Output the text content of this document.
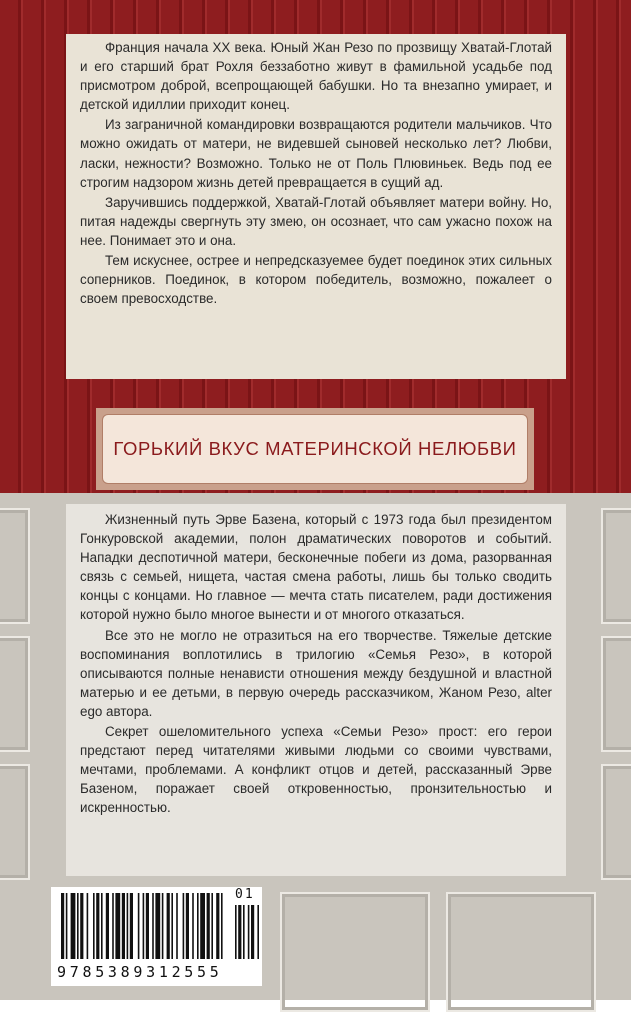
Франция начала XX века. Юный Жан Резо по прозвищу Хватай-Глотай и его старший брат Рохля беззаботно живут в фамильной усадьбе под присмотром доброй, всепрощающей бабушки. Но та внезапно умирает, и детской идиллии приходит конец.

Из заграничной командировки возвращаются родители мальчиков. Что можно ожидать от матери, не видевшей сыновей несколько лет? Любви, ласки, нежности? Возможно. Только не от Поль Плювиньек. Ведь под ее строгим надзором жизнь детей превращается в сущий ад.

Заручившись поддержкой, Хватай-Глотай объявляет матери войну. Но, питая надежды свергнуть эту змею, он осознает, что сам ужасно похож на нее. Понимает это и она.

Тем искуснее, острее и непредсказуемее будет поединок этих сильных соперников. Поединок, в котором победитель, возможно, пожалеет о своем превосходстве.

ГОРЬКИЙ ВКУС МАТЕРИНСКОЙ НЕЛЮБВИ

Жизненный путь Эрве Базена, который с 1973 года был президентом Гонкуровской академии, полон драматических поворотов и событий. Нападки деспотичной матери, бесконечные побеги из дома, разорванная связь с семьей, нищета, частая смена работы, лишь бы только сводить концы с концами. Но главное — мечта стать писателем, ради достижения которой нужно было многое вынести и от многого отказаться.

Все это не могло не отразиться на его творчестве. Тяжелые детские воспоминания воплотились в трилогию «Семья Резо», в которой описываются полные ненависти отношения между бездушной и властной матерью и ее детьми, в первую очередь рассказчиком, Жаном Резо, alter ego автора.

Секрет ошеломительного успеха «Семьи Резо» прост: его герои предстают перед читателями живыми людьми со своими чувствами, мечтами, проблемами. А конфликт отцов и детей, рассказанный Эрве Базеном, поражает своей откровенностью, пронзительностью и искренностью.

01
9785389312555
